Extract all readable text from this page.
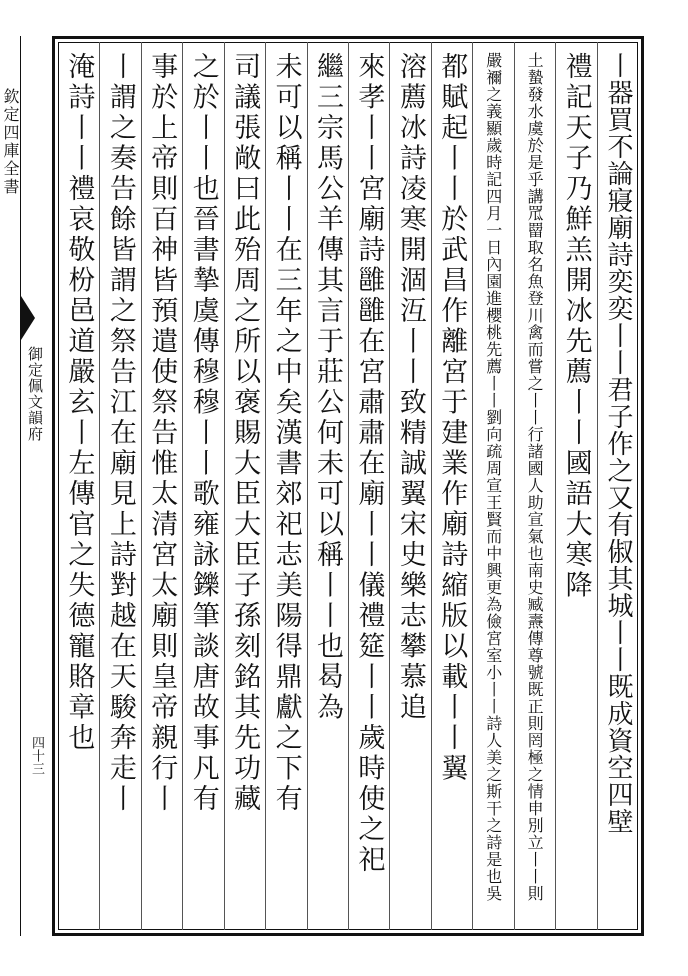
欽定四庫全書
御定佩文韻府
四十三	丨器買不論寢廟詩奕奕丨丨君子作之又有俶其城丨丨既成資空四壁
禮記天子乃鮮羔開冰先薦丨丨國語大寒降
土蟄發水虞於是乎講罛罶取名魚登川禽而嘗之丨丨行諸國人助宣氣也南史臧燾傳尊號既正則罔極之情申別立丨丨則
嚴禰之義顯歲時記四月一日內園進櫻桃先薦丨丨劉向疏周宣王賢而中興更為儉宮室小丨丨詩人美之斯干之詩是也吳
都賦起丨丨於武昌作離宮于建業作廟詩縮版以載丨丨翼
溶薦冰詩凌寒開涸沍丨丨致精誠翼宋史樂志攀慕追
來孝丨丨宮廟詩雝雝在宮肅肅在廟丨丨儀禮筵丨丨歲時使之祀
繼三宗馬公羊傳其言于莊公何未可以稱丨丨也曷為
未可以稱丨丨在三年之中矣漢書郊祀志美陽得鼎獻之下有
司議張敞曰此殆周之所以褒賜大臣大臣子孫刻銘其先功藏
之於丨丨也晉書摯虞傳穆穆丨丨歌雍詠鑠筆談唐故事凡有
事於上帝則百神皆預遣使祭告惟太清宮太廟則皇帝親行丨
丨謂之奏告餘皆謂之祭告江在廟見上詩對越在天駿奔走丨
淹詩丨丨禮哀敬枌邑道嚴玄丨左傳官之失德寵賂章也
